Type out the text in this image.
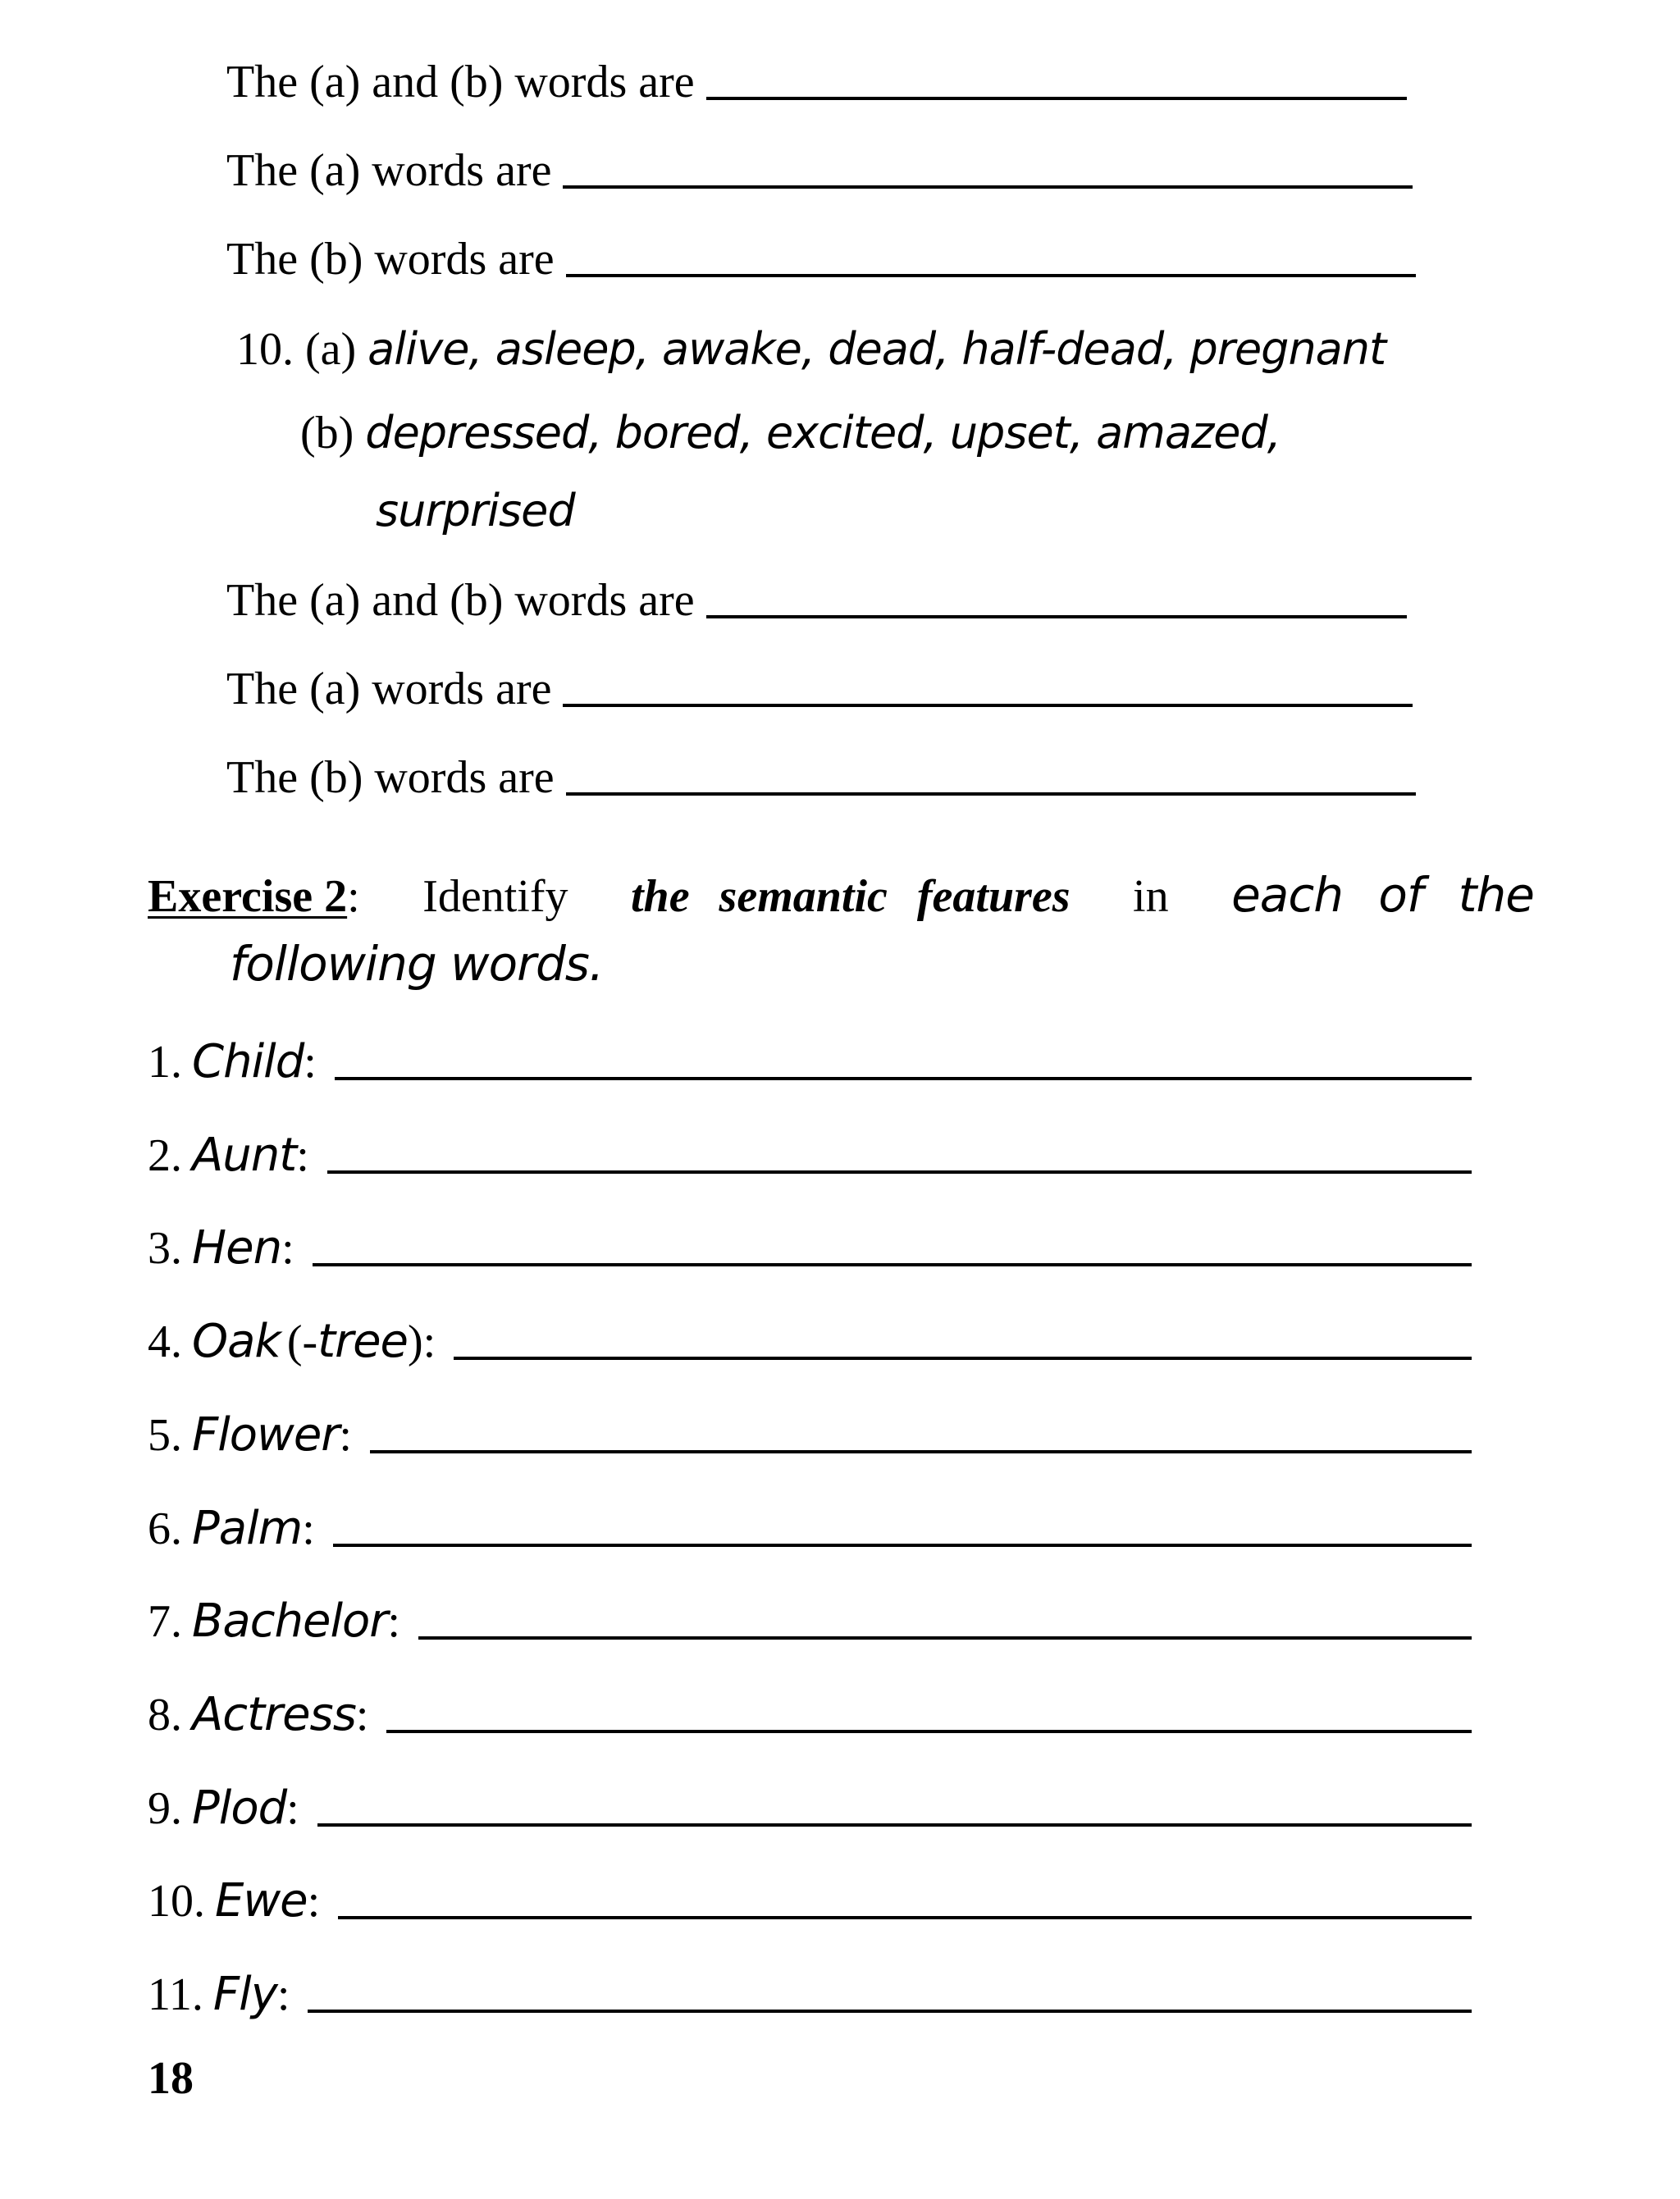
The (a) and (b) words are
The (a) words are
The (b) words are
10. (a) alive, asleep, awake, dead, half-dead, pregnant
(b) depressed, bored, excited, upset, amazed,
surprised
The (a) and (b) words are
The (a) words are
The (b) words are
Exercise 2: Identify the semantic features in each of the
following words.
1. Child :
2. Aunt :
3. Hen :
4. Oak (- tree ):
5. Flower :
6. Palm :
7. Bachelor :
8. Actress :
9. Plod :
10. Ewe :
11. Fly :
18
